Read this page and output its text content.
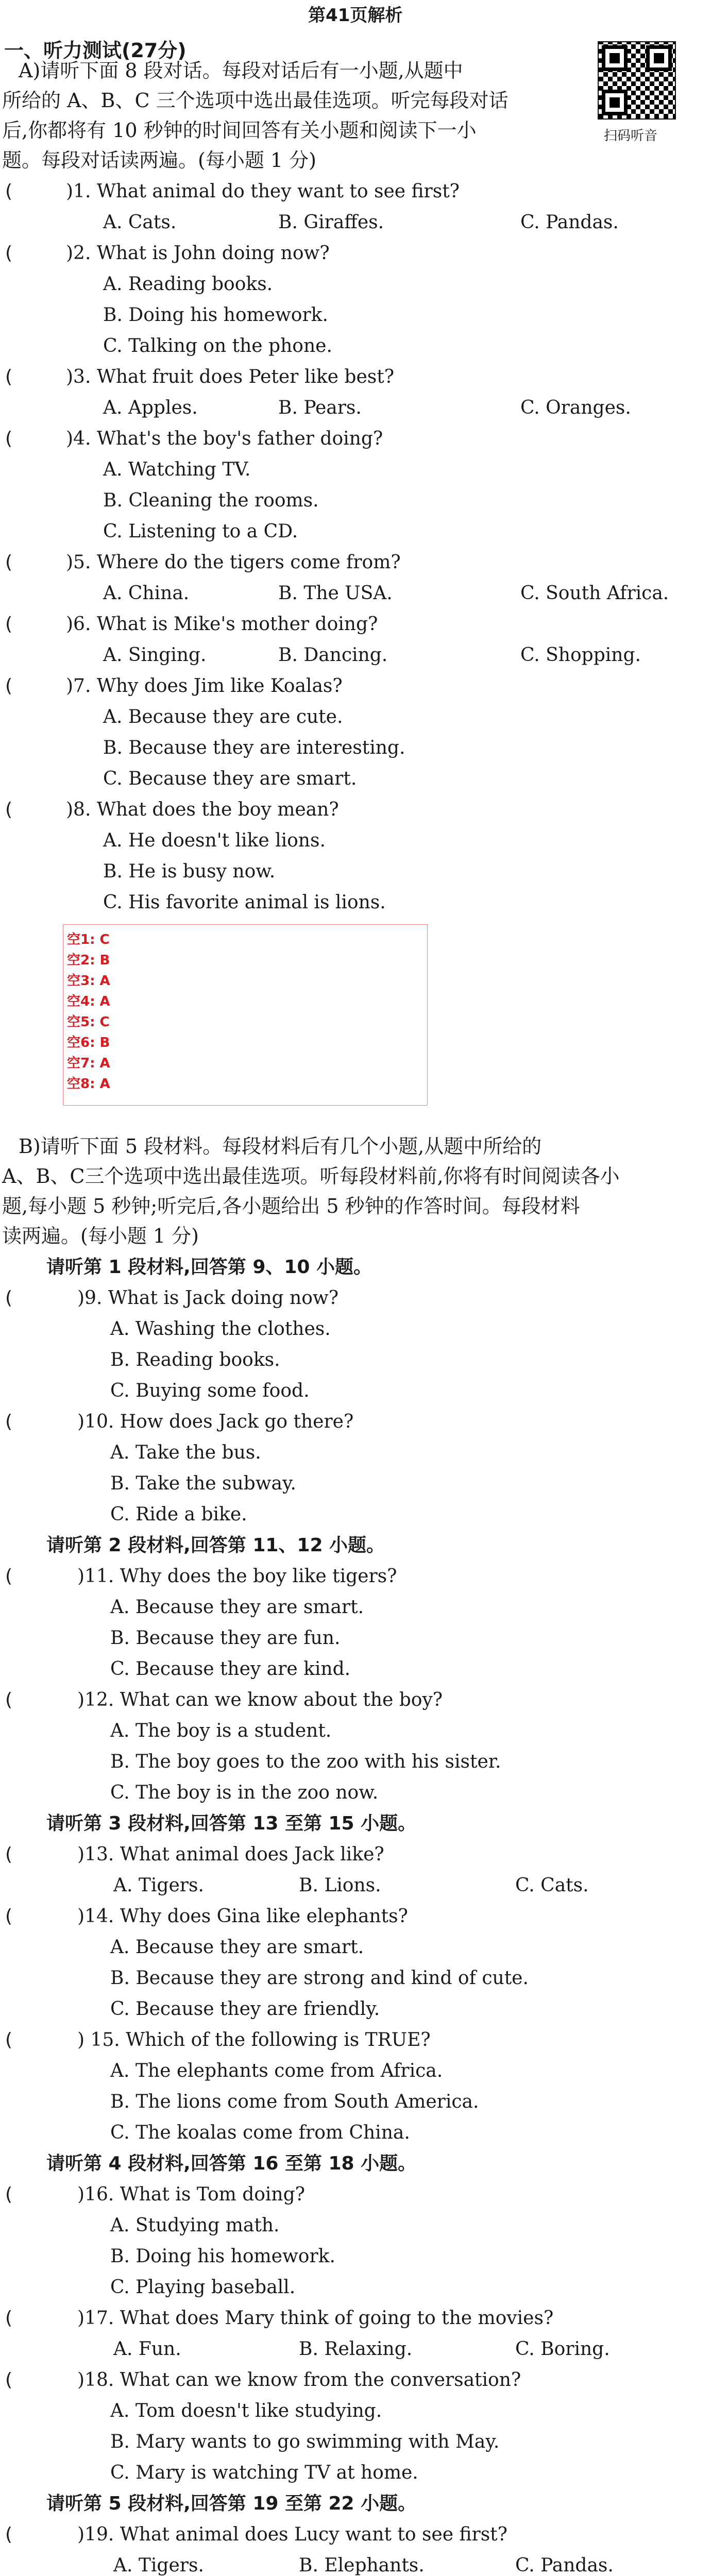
第41页解析
一、听力测试(27分)
扫码听音
A)请听下面 8 段对话。每段对话后有一小题,从题中
所给的 A、B、C 三个选项中选出最佳选项。听完每段对话
后,你都将有 10 秒钟的时间回答有关小题和阅读下一小
题。每段对话读两遍。(每小题 1 分)
(	)1. What animal do they want to see first?
A. Cats.	B. Giraffes.	C. Pandas.
(	)2. What is John doing now?
A. Reading books.
B. Doing his homework.
C. Talking on the phone.
(	)3. What fruit does Peter like best?
A. Apples.	B. Pears.	C. Oranges.
(	)4. What's the boy's father doing?
A. Watching TV.
B. Cleaning the rooms.
C. Listening to a CD.
(	)5. Where do the tigers come from?
A. China.	B. The USA.	C. South Africa.
(	)6. What is Mike's mother doing?
A. Singing.	B. Dancing.	C. Shopping.
(	)7. Why does Jim like Koalas?
A. Because they are cute.
B. Because they are interesting.
C. Because they are smart.
(	)8. What does the boy mean?
A. He doesn't like lions.
B. He is busy now.
C. His favorite animal is lions.
空1: C
空2: B
空3: A
空4: A
空5: C
空6: B
空7: A
空8: A
B)请听下面 5 段材料。每段材料后有几个小题,从题中所给的
A、B、C三个选项中选出最佳选项。听每段材料前,你将有时间阅读各小
题,每小题 5 秒钟;听完后,各小题给出 5 秒钟的作答时间。每段材料
读两遍。(每小题 1 分)
请听第 1 段材料,回答第 9、10 小题。
(	)9. What is Jack doing now?
A. Washing the clothes.
B. Reading books.
C. Buying some food.
(	)10. How does Jack go there?
A. Take the bus.
B. Take the subway.
C. Ride a bike.
请听第 2 段材料,回答第 11、12 小题。
(	)11. Why does the boy like tigers?
A. Because they are smart.
B. Because they are fun.
C. Because they are kind.
(	)12. What can we know about the boy?
A. The boy is a student.
B. The boy goes to the zoo with his sister.
C. The boy is in the zoo now.
请听第 3 段材料,回答第 13 至第 15 小题。
(	)13. What animal does Jack like?
A. Tigers.	B. Lions.	C. Cats.
(	)14. Why does Gina like elephants?
A. Because they are smart.
B. Because they are strong and kind of cute.
C. Because they are friendly.
(	) 15. Which of the following is TRUE?
A. The elephants come from Africa.
B. The lions come from South America.
C. The koalas come from China.
请听第 4 段材料,回答第 16 至第 18 小题。
(	)16. What is Tom doing?
A. Studying math.
B. Doing his homework.
C. Playing baseball.
(	)17. What does Mary think of going to the movies?
A. Fun.	B. Relaxing.	C. Boring.
(	)18. What can we know from the conversation?
A. Tom doesn't like studying.
B. Mary wants to go swimming with May.
C. Mary is watching TV at home.
请听第 5 段材料,回答第 19 至第 22 小题。
(	)19. What animal does Lucy want to see first?
A. Tigers.	B. Elephants.	C. Pandas.
